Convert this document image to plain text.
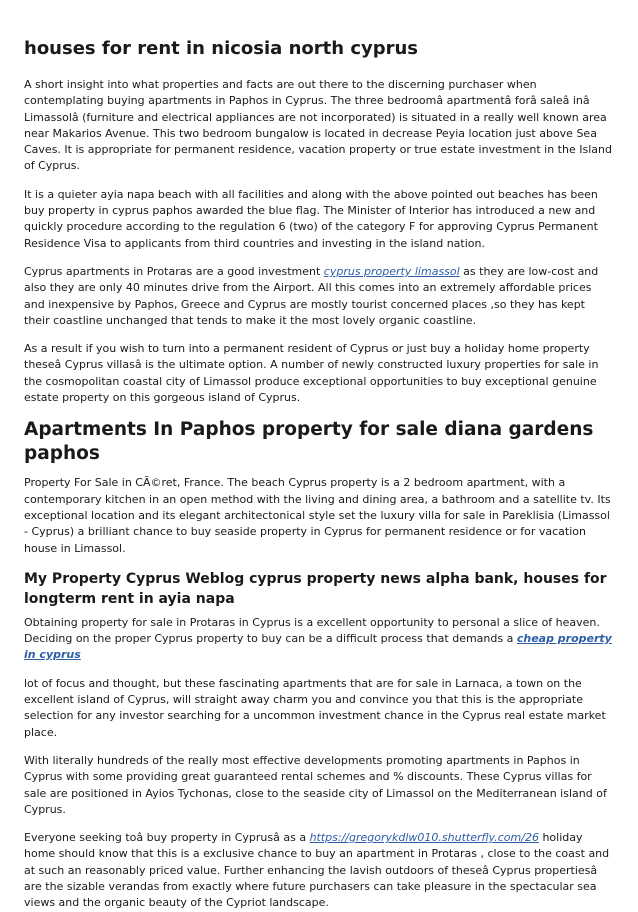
houses for rent in nicosia north cyprus

A short insight into what properties and facts are out there to the discerning purchaser when contemplating buying apartments in Paphos in Cyprus. The three bedroomâ apartmentâ forâ saleâ inâ Limassolâ (furniture and electrical appliances are not incorporated) is situated in a really well known area near Makarios Avenue. This two bedroom bungalow is located in decrease Peyia location just above Sea Caves. It is appropriate for permanent residence, vacation property or true estate investment in the Island of Cyprus.

It is a quieter ayia napa beach with all facilities and along with the above pointed out beaches has been buy property in cyprus paphos awarded the blue flag. The Minister of Interior has introduced a new and quickly procedure according to the regulation 6 (two) of the category F for approving Cyprus Permanent Residence Visa to applicants from third countries and investing in the island nation.

Cyprus apartments in Protaras are a good investment cyprus property limassol as they are low-cost and also they are only 40 minutes drive from the Airport. All this comes into an extremely affordable prices and inexpensive by Paphos, Greece and Cyprus are mostly tourist concerned places ,so they has kept their coastline unchanged that tends to make it the most lovely organic coastline.

As a result if you wish to turn into a permanent resident of Cyprus or just buy a holiday home property theseâ Cyprus villasâ is the ultimate option. A number of newly constructed luxury properties for sale in the cosmopolitan coastal city of Limassol produce exceptional opportunities to buy exceptional genuine estate property on this gorgeous island of Cyprus.

Apartments In Paphos property for sale diana gardens paphos

Property For Sale in CÃ©ret, France. The beach Cyprus property is a 2 bedroom apartment, with a contemporary kitchen in an open method with the living and dining area, a bathroom and a satellite tv. Its exceptional location and its elegant architectonical style set the luxury villa for sale in Pareklisia (Limassol - Cyprus) a brilliant chance to buy seaside property in Cyprus for permanent residence or for vacation house in Limassol.

My Property Cyprus Weblog cyprus property news alpha bank, houses for longterm rent in ayia napa

Obtaining property for sale in Protaras in Cyprus is a excellent opportunity to personal a slice of heaven. Deciding on the proper Cyprus property to buy can be a difficult process that demands a cheap property in cyprus

lot of focus and thought, but these fascinating apartments that are for sale in Larnaca, a town on the excellent island of Cyprus, will straight away charm you and convince you that this is the appropriate selection for any investor searching for a uncommon investment chance in the Cyprus real estate market place.

With literally hundreds of the really most effective developments promoting apartments in Paphos in Cyprus with some providing great guaranteed rental schemes and % discounts. These Cyprus villas for sale are positioned in Ayios Tychonas, close to the seaside city of Limassol on the Mediterranean island of Cyprus.

Everyone seeking toâ buy property in Cyprusâ as a https://gregorykdlw010.shutterfly.com/26 holiday home should know that this is a exclusive chance to buy an apartment in Protaras , close to the coast and at such an reasonably priced value. Further enhancing the lavish outdoors of theseâ Cyprus propertiesâ are the sizable verandas from exactly where future purchasers can take pleasure in the spectacular sea views and the organic beauty of the Cypriot landscape.
